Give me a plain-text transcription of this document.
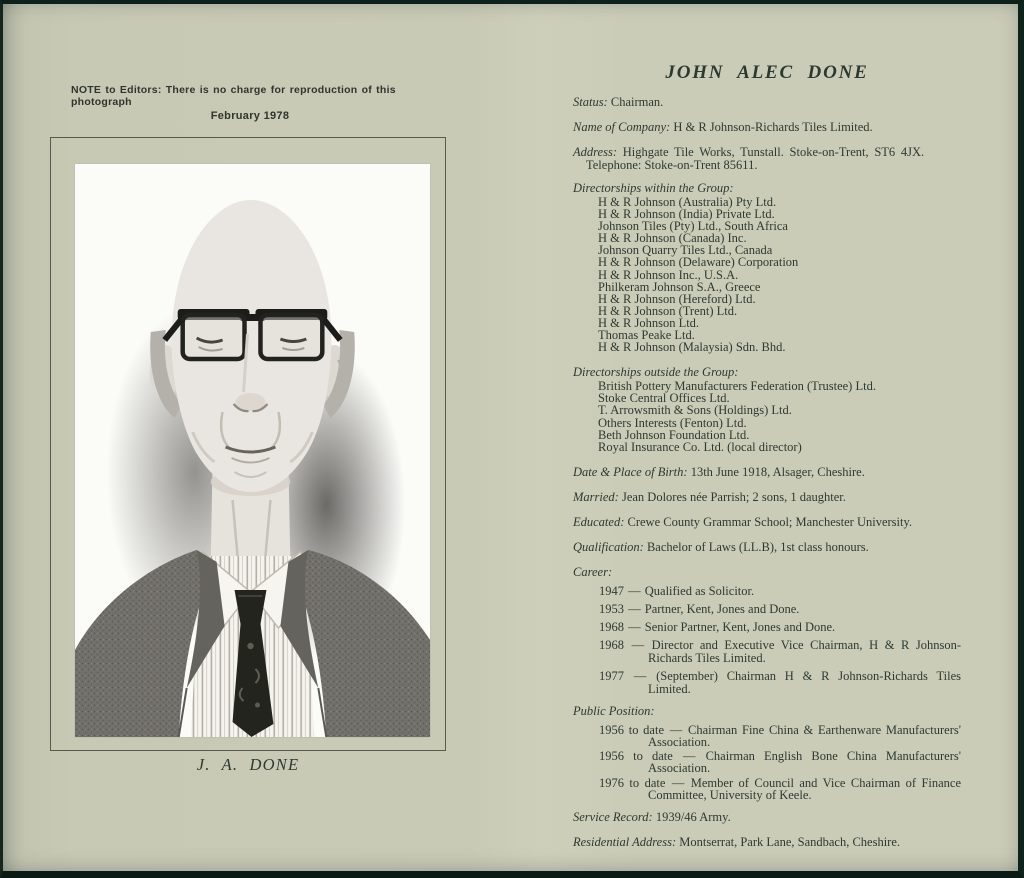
NOTE to Editors: There is no charge for reproduction of this photograph
February 1978
J. A. DONE
JOHN ALEC DONE

Status: Chairman.

Name of Company: H & R Johnson-Richards Tiles Limited.

Address: Highgate Tile Works, Tunstall. Stoke-on-Trent, ST6 4JX.
Telephone: Stoke-on-Trent 85611.

Directorships within the Group:

H & R Johnson (Australia) Pty Ltd.
H & R Johnson (India) Private Ltd.
Johnson Tiles (Pty) Ltd., South Africa
H & R Johnson (Canada) Inc.
Johnson Quarry Tiles Ltd., Canada
H & R Johnson (Delaware) Corporation
H & R Johnson Inc., U.S.A.
Philkeram Johnson S.A., Greece
H & R Johnson (Hereford) Ltd.
H & R Johnson (Trent) Ltd.
H & R Johnson Ltd.
Thomas Peake Ltd.
H & R Johnson (Malaysia) Sdn. Bhd.

Directorships outside the Group:

British Pottery Manufacturers Federation (Trustee) Ltd.
Stoke Central Offices Ltd.
T. Arrowsmith & Sons (Holdings) Ltd.
Others Interests (Fenton) Ltd.
Beth Johnson Foundation Ltd.
Royal Insurance Co. Ltd. (local director)

Date & Place of Birth: 13th June 1918, Alsager, Cheshire.

Married: Jean Dolores née Parrish; 2 sons, 1 daughter.

Educated: Crewe County Grammar School; Manchester University.

Qualification: Bachelor of Laws (LL.B), 1st class honours.

Career:

1947 — Qualified as Solicitor.

1953 — Partner, Kent, Jones and Done.

1968 — Senior Partner, Kent, Jones and Done.

1968 — Director and Executive Vice Chairman, H & R Johnson-Richards Tiles Limited.

1977 — (September) Chairman H & R Johnson-Richards Tiles Limited.

Public Position:

1956 to date — Chairman Fine China & Earthenware Manufacturers' Association.

1956 to date — Chairman English Bone China Manufacturers' Association.

1976 to date — Member of Council and Vice Chairman of Finance Committee, University of Keele.

Service Record: 1939/46 Army.

Residential Address: Montserrat, Park Lane, Sandbach, Cheshire.
